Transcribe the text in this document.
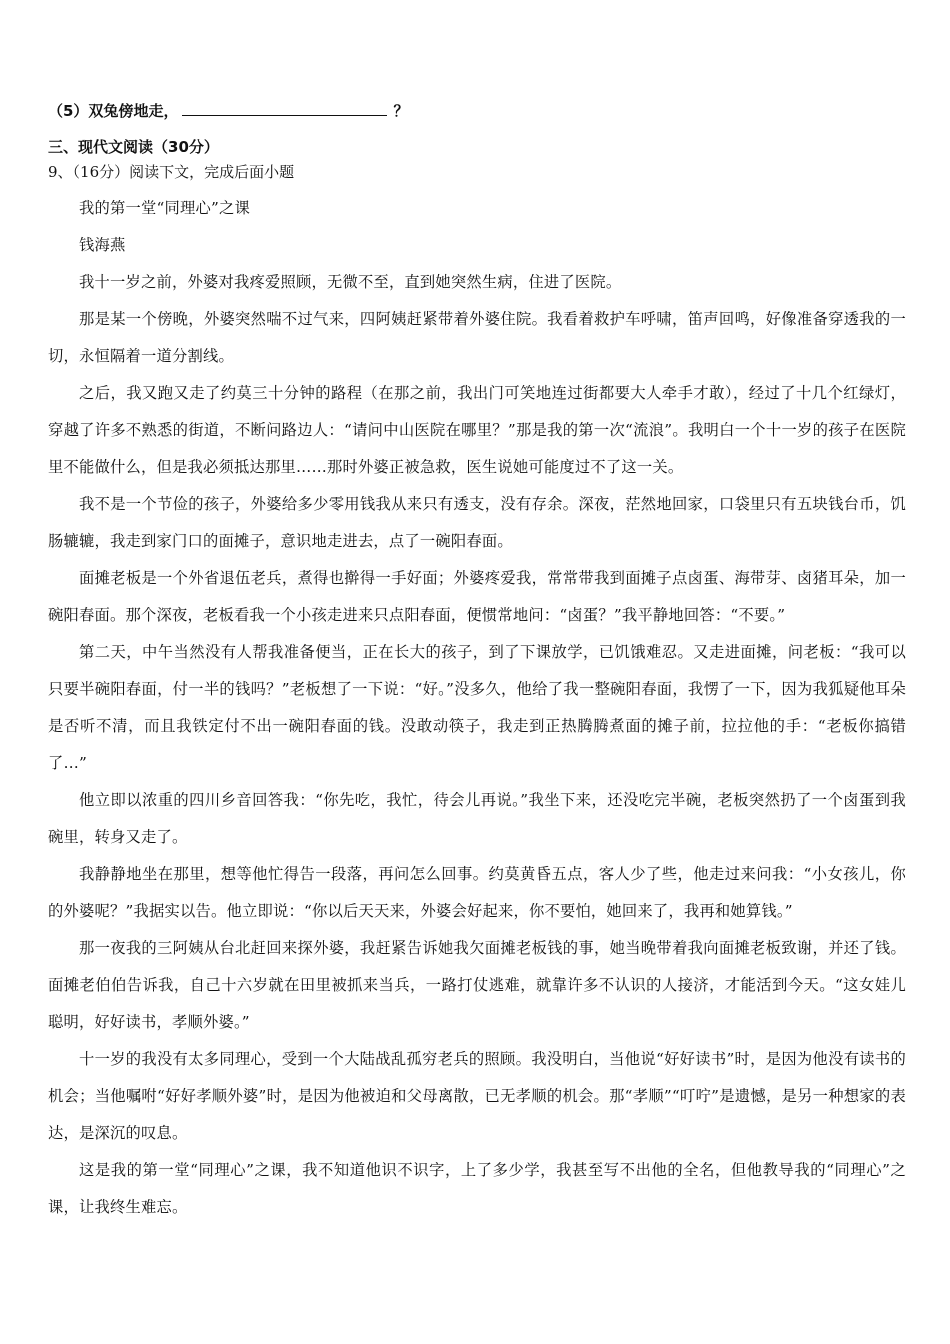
（5）双兔傍地走，	？
三、现代文阅读（30分）
9、（16分）阅读下文，完成后面小题

我的第一堂“同理心”之课

钱海燕

我十一岁之前，外婆对我疼爱照顾，无微不至，直到她突然生病，住进了医院。

那是某一个傍晚，外婆突然喘不过气来，四阿姨赶紧带着外婆住院。我看着救护车呼啸，笛声回鸣，好像准备穿透我的一切，永恒隔着一道分割线。

之后，我又跑又走了约莫三十分钟的路程（在那之前，我出门可笑地连过街都要大人牵手才敢），经过了十几个红绿灯，穿越了许多不熟悉的街道，不断问路边人：“请问中山医院在哪里？”那是我的第一次“流浪”。我明白一个十一岁的孩子在医院里不能做什么，但是我必须抵达那里……那时外婆正被急救，医生说她可能度过不了这一关。

我不是一个节俭的孩子，外婆给多少零用钱我从来只有透支，没有存余。深夜，茫然地回家，口袋里只有五块钱台币，饥肠辘辘，我走到家门口的面摊子，意识地走进去，点了一碗阳春面。

面摊老板是一个外省退伍老兵，煮得也擀得一手好面；外婆疼爱我，常常带我到面摊子点卤蛋、海带芽、卤猪耳朵，加一碗阳春面。那个深夜，老板看我一个小孩走进来只点阳春面，便惯常地问：“卤蛋？”我平静地回答：“不要。”

第二天，中午当然没有人帮我准备便当，正在长大的孩子，到了下课放学，已饥饿难忍。又走进面摊，问老板：“我可以只要半碗阳春面，付一半的钱吗？”老板想了一下说：“好。”没多久，他给了我一整碗阳春面，我愣了一下，因为我狐疑他耳朵是否听不清，而且我铁定付不出一碗阳春面的钱。没敢动筷子，我走到正热腾腾煮面的摊子前，拉拉他的手：“老板你搞错了…”

他立即以浓重的四川乡音回答我：“你先吃，我忙，待会儿再说。”我坐下来，还没吃完半碗，老板突然扔了一个卤蛋到我碗里，转身又走了。

我静静地坐在那里，想等他忙得告一段落，再问怎么回事。约莫黄昏五点，客人少了些，他走过来问我：“小女孩儿，你的外婆呢？”我据实以告。他立即说：“你以后天天来，外婆会好起来，你不要怕，她回来了，我再和她算钱。”

那一夜我的三阿姨从台北赶回来探外婆，我赶紧告诉她我欠面摊老板钱的事，她当晚带着我向面摊老板致谢，并还了钱。面摊老伯伯告诉我，自己十六岁就在田里被抓来当兵，一路打仗逃难，就靠许多不认识的人接济，才能活到今天。“这女娃儿聪明，好好读书，孝顺外婆。”

十一岁的我没有太多同理心，受到一个大陆战乱孤穷老兵的照顾。我没明白，当他说“好好读书”时，是因为他没有读书的机会；当他嘱咐“好好孝顺外婆”时，是因为他被迫和父母离散，已无孝顺的机会。那“孝顺”“叮咛”是遗憾，是另一种想家的表达，是深沉的叹息。

这是我的第一堂“同理心”之课，我不知道他识不识字，上了多少学，我甚至写不出他的全名，但他教导我的“同理心”之课，让我终生难忘。
